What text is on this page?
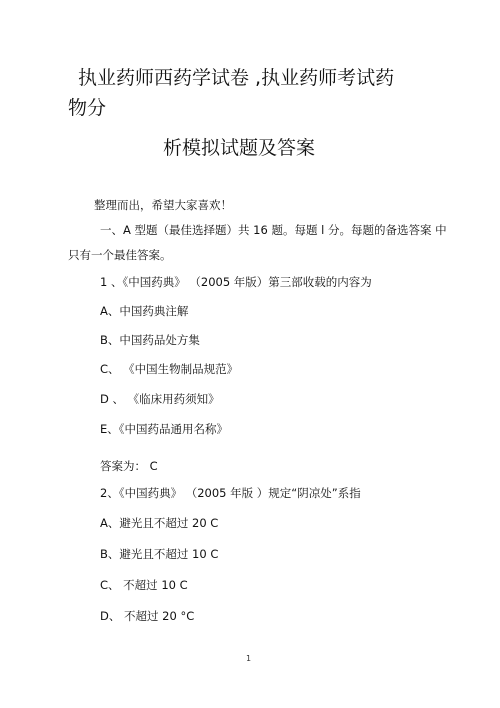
执业药师西药学试卷 ,执业药师考试药
物分
析模拟试题及答案
整理而出，希望大家喜欢！
一、A 型题（最佳选择题）共 16 题。每题 l 分。每题的备选答案 中
只有一个最佳答案。
1 、《中国药典》 （2005 年版）第三部收载的内容为
A、中国药典注解
B、中国药品处方集
C、 《中国生物制品规范》
D 、 《临床用药须知》
E、《中国药品通用名称》
答案为： C
2、《中国药典》 （2005 年版 ）规定“阴凉处”系指
A、避光且不超过 20 C
B、避光且不超过 10 C
C、 不超过 10 C
D、 不超过 20 °C
1
